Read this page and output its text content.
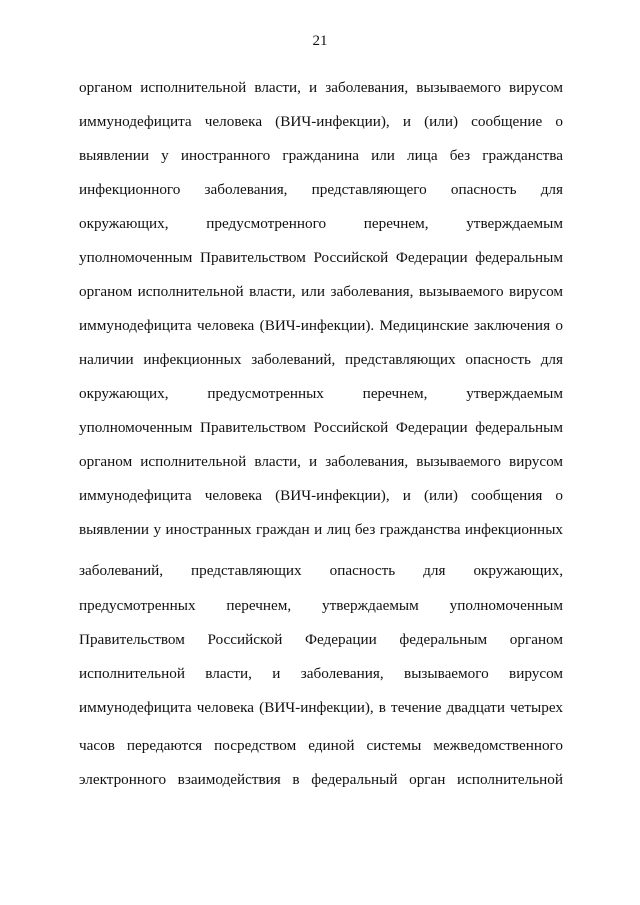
21
органом исполнительной власти, и заболевания, вызываемого вирусом
иммунодефицита человека (ВИЧ-инфекции), и (или) сообщение о
выявлении у иностранного гражданина или лица без гражданства
инфекционного заболевания, представляющего опасность для
окружающих, предусмотренного перечнем, утверждаемым
уполномоченным Правительством Российской Федерации федеральным
органом исполнительной власти, или заболевания, вызываемого вирусом
иммунодефицита человека (ВИЧ-инфекции). Медицинские заключения о
наличии инфекционных заболеваний, представляющих опасность для
окружающих, предусмотренных перечнем, утверждаемым
уполномоченным Правительством Российской Федерации федеральным
органом исполнительной власти, и заболевания, вызываемого вирусом
иммунодефицита человека (ВИЧ-инфекции), и (или) сообщения о
выявлении у иностранных граждан и лиц без гражданства инфекционных
заболеваний, представляющих опасность для окружающих,
предусмотренных перечнем, утверждаемым уполномоченным
Правительством Российской Федерации федеральным органом
исполнительной власти, и заболевания, вызываемого вирусом
иммунодефицита человека (ВИЧ-инфекции), в течение двадцати четырех
часов передаются посредством единой системы межведомственного
электронного взаимодействия в федеральный орган исполнительной
